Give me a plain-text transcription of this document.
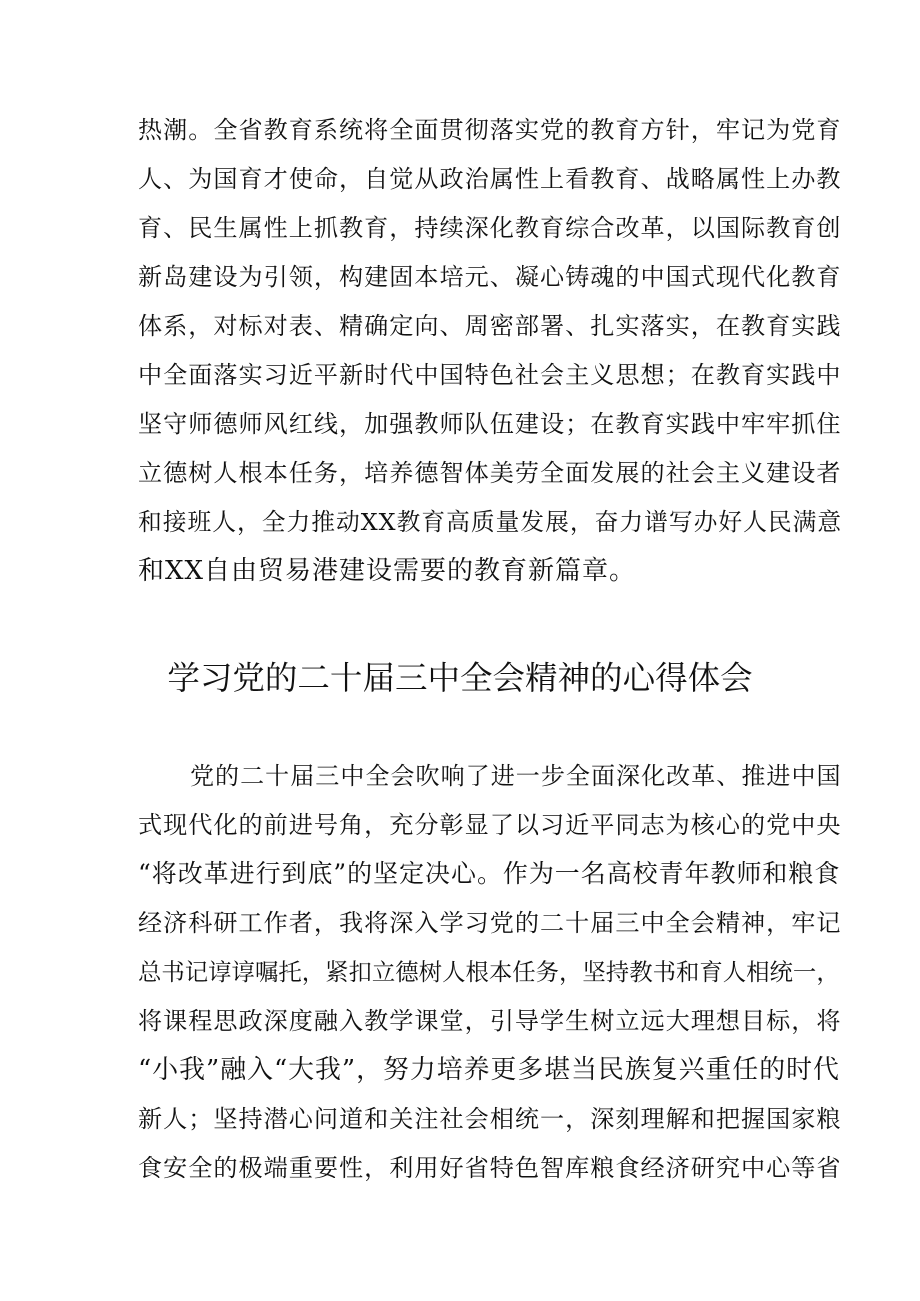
热潮。全省教育系统将全面贯彻落实党的教育方针，牢记为党育
人、为国育才使命，自觉从政治属性上看教育、战略属性上办教
育、民生属性上抓教育，持续深化教育综合改革，以国际教育创
新岛建设为引领，构建固本培元、凝心铸魂的中国式现代化教育
体系，对标对表、精确定向、周密部署、扎实落实，在教育实践
中全面落实习近平新时代中国特色社会主义思想；在教育实践中
坚守师德师风红线，加强教师队伍建设；在教育实践中牢牢抓住
立德树人根本任务，培养德智体美劳全面发展的社会主义建设者
和接班人，全力推动XX教育高质量发展，奋力谱写办好人民满意
和XX自由贸易港建设需要的教育新篇章。
学习党的二十届三中全会精神的心得体会
党的二十届三中全会吹响了进一步全面深化改革、推进中国
式现代化的前进号角，充分彰显了以习近平同志为核心的党中央
“将改革进行到底”的坚定决心。作为一名高校青年教师和粮食
经济科研工作者，我将深入学习党的二十届三中全会精神，牢记
总书记谆谆嘱托，紧扣立德树人根本任务，坚持教书和育人相统一，
将课程思政深度融入教学课堂，引导学生树立远大理想目标，将
“小我”融入“大我”，努力培养更多堪当民族复兴重任的时代
新人；坚持潜心问道和关注社会相统一，深刻理解和把握国家粮
食安全的极端重要性，利用好省特色智库粮食经济研究中心等省
